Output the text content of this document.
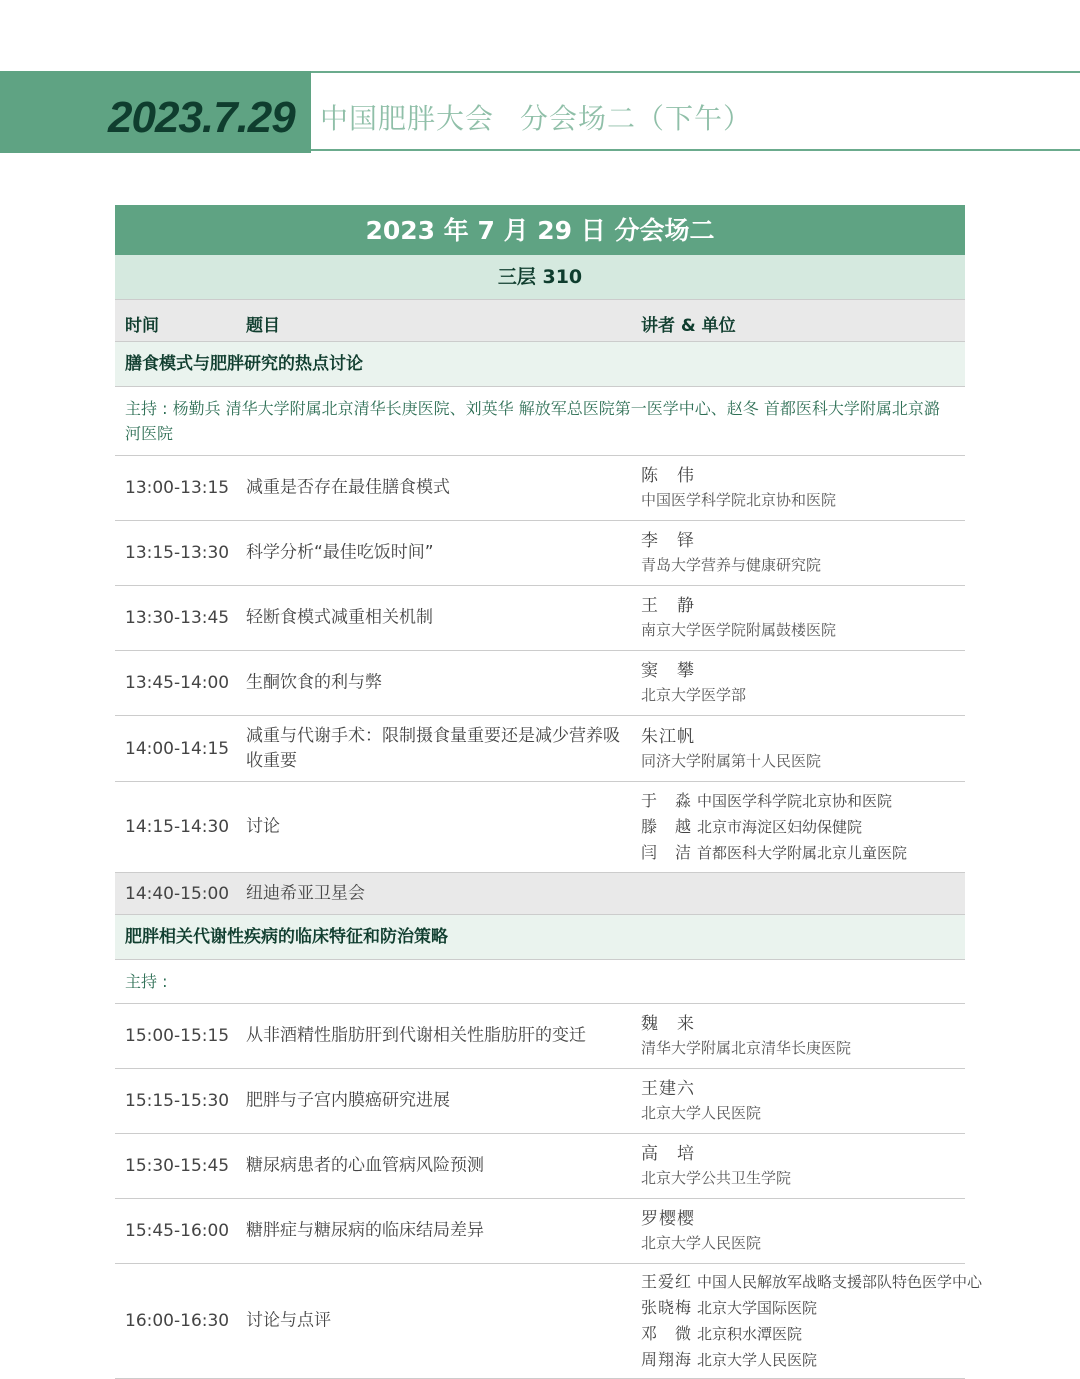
2023.7.29 中国肥胖大会 分会场二（下午）
2023 年 7 月 29 日 分会场二
三层 310
时间	题目	讲者 & 单位
膳食模式与肥胖研究的热点讨论
主持 : 杨勤兵 清华大学附属北京清华长庚医院、刘英华 解放军总医院第一医学中心、赵冬 首都医科大学附属北京潞河医院
13:00-13:15 减重是否存在最佳膳食模式
陈　伟
中国医学科学院北京协和医院
13:15-13:30 科学分析“最佳吃饭时间”
李　铎
青岛大学营养与健康研究院
13:30-13:45 轻断食模式减重相关机制
王　静
南京大学医学院附属鼓楼医院
13:45-14:00 生酮饮食的利与弊
窦　攀
北京大学医学部
14:00-14:15
减重与代谢手术：限制摄食量重要还是减少营养吸收重要
朱江帆
同济大学附属第十人民医院
14:15-14:30 讨论
于　淼 中国医学科学院北京协和医院
滕　越 北京市海淀区妇幼保健院
闫　洁 首都医科大学附属北京儿童医院
14:40-15:00 纽迪希亚卫星会
肥胖相关代谢性疾病的临床特征和防治策略
主持 :
15:00-15:15 从非酒精性脂肪肝到代谢相关性脂肪肝的变迁
魏　来
清华大学附属北京清华长庚医院
15:15-15:30 肥胖与子宫内膜癌研究进展
王建六
北京大学人民医院
15:30-15:45 糖尿病患者的心血管病风险预测
高　培
北京大学公共卫生学院
15:45-16:00 糖胖症与糖尿病的临床结局差异
罗樱樱
北京大学人民医院
16:00-16:30 讨论与点评
王爱红 中国人民解放军战略支援部队特色医学中心
张晓梅 北京大学国际医院
邓　微 北京积水潭医院
周翔海 北京大学人民医院
